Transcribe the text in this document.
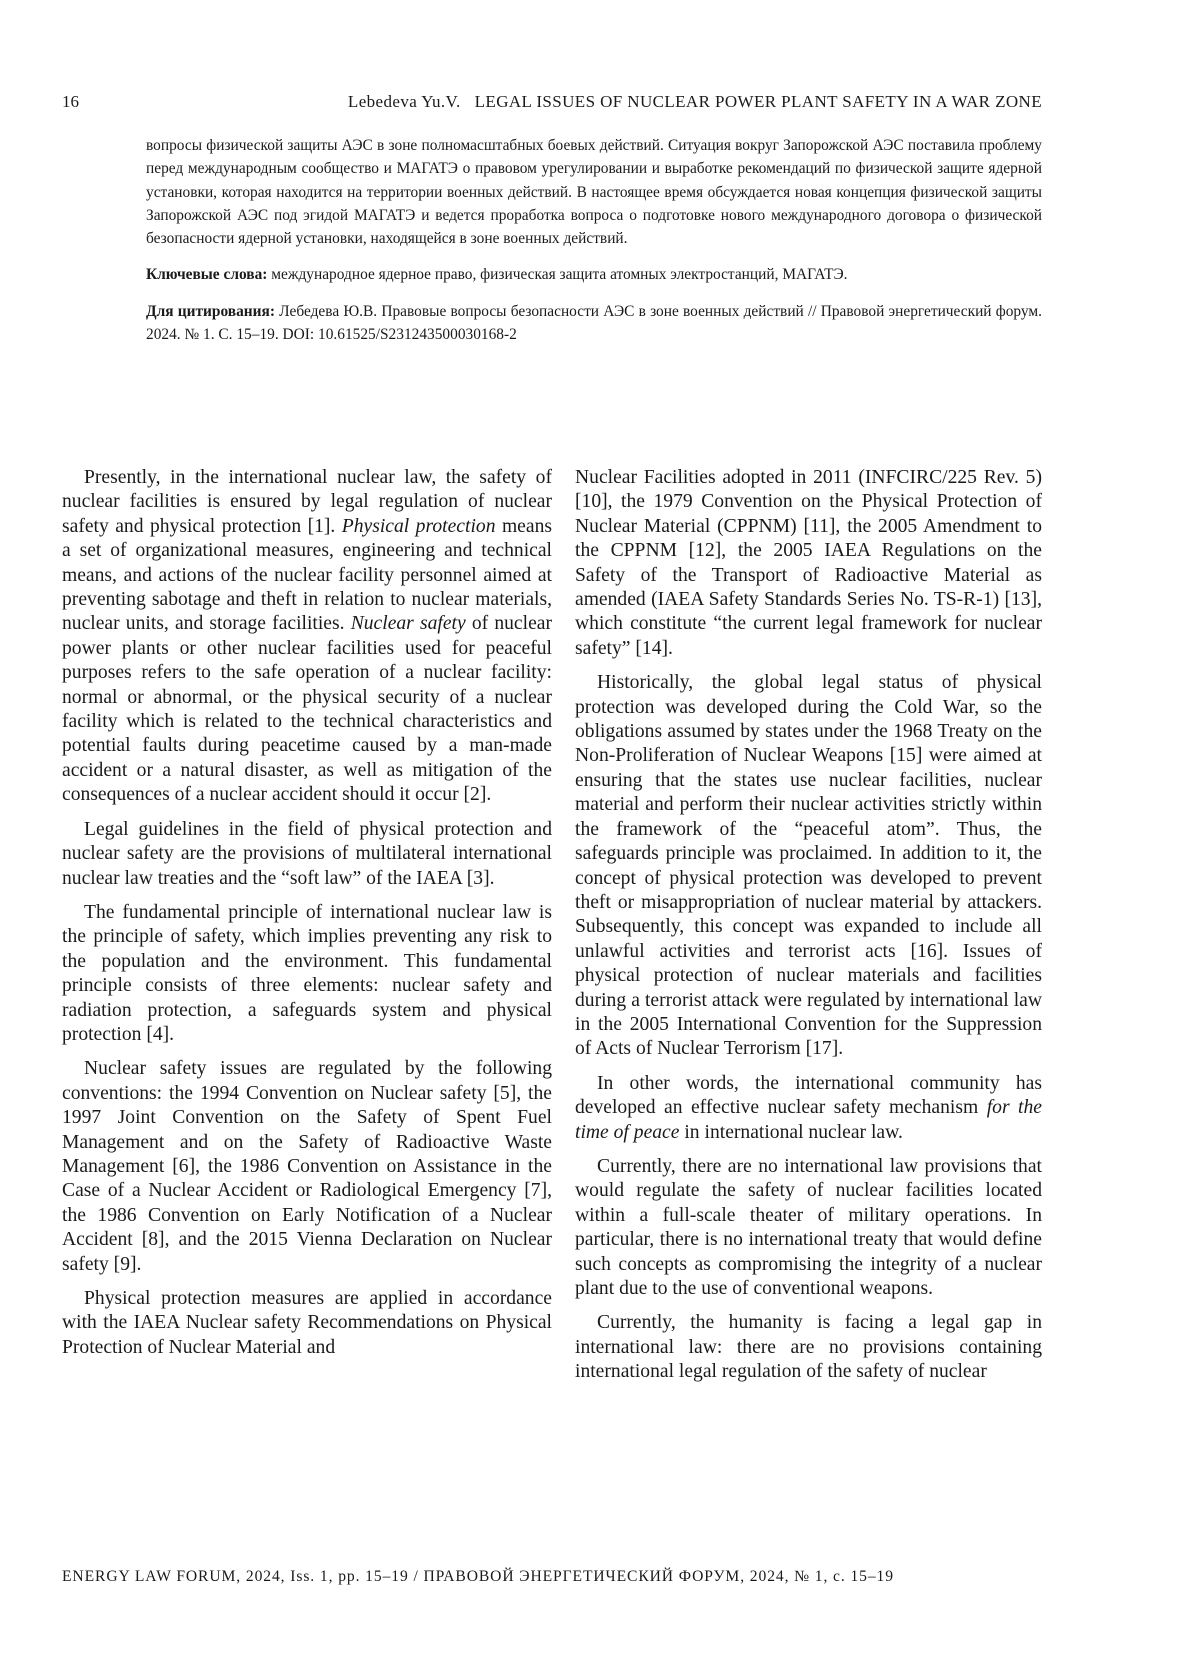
16	Lebedeva Yu.V.   LEGAL ISSUES OF NUCLEAR POWER PLANT SAFETY IN A WAR ZONE

вопросы физической защиты АЭС в зоне полномасштабных боевых действий. Ситуация вокруг Запорожской АЭС поставила проблему перед международным сообщество и МАГАТЭ о правовом урегулировании и выработке рекомендаций по физической защите ядерной установки, которая находится на территории военных действий. В настоящее время обсуждается новая концепция физической защиты Запорожской АЭС под эгидой МАГАТЭ и ведется проработка вопроса о подготовке нового международного договора о физической безопасности ядерной установки, находящейся в зоне военных действий.

Ключевые слова: международное ядерное право, физическая защита атомных электростанций, МАГАТЭ.

Для цитирования: Лебедева Ю.В. Правовые вопросы безопасности АЭС в зоне военных действий // Правовой энергетический форум. 2024. № 1. С. 15–19. DOI: 10.61525/S231243500030168-2

Presently, in the international nuclear law, the safety of nuclear facilities is ensured by legal regulation of nuclear safety and physical protection [1]. Physical protection means a set of organizational measures, engineering and technical means, and actions of the nuclear facility personnel aimed at preventing sabotage and theft in relation to nuclear materials, nuclear units, and storage facilities. Nuclear safety of nuclear power plants or other nuclear facilities used for peaceful purposes refers to the safe operation of a nuclear facility: normal or abnormal, or the physical security of a nuclear facility which is related to the technical characteristics and potential faults during peacetime caused by a man-made accident or a natural disaster, as well as mitigation of the consequences of a nuclear accident should it occur [2].

Legal guidelines in the field of physical protection and nuclear safety are the provisions of multilateral international nuclear law treaties and the “soft law” of the IAEA [3].

The fundamental principle of international nuclear law is the principle of safety, which implies preventing any risk to the population and the environment. This fundamental principle consists of three elements: nuclear safety and radiation protection, a safeguards system and physical protection [4].

Nuclear safety issues are regulated by the following conventions: the 1994 Convention on Nuclear safety [5], the 1997 Joint Convention on the Safety of Spent Fuel Management and on the Safety of Radioactive Waste Management [6], the 1986 Convention on Assistance in the Case of a Nuclear Accident or Radiological Emergency [7], the 1986 Convention on Early Notification of a Nuclear Accident [8], and the 2015 Vienna Declaration on Nuclear safety [9].

Physical protection measures are applied in accordance with the IAEA Nuclear safety Recommendations on Physical Protection of Nuclear Material and

Nuclear Facilities adopted in 2011 (INFCIRC/225 Rev. 5) [10], the 1979 Convention on the Physical Protection of Nuclear Material (CPPNM) [11], the 2005 Amendment to the CPPNM [12], the 2005 IAEA Regulations on the Safety of the Transport of Radioactive Material as amended (IAEA Safety Standards Series No. TS-R-1) [13], which constitute “the current legal framework for nuclear safety” [14].

Historically, the global legal status of physical protection was developed during the Cold War, so the obligations assumed by states under the 1968 Treaty on the Non-Proliferation of Nuclear Weapons [15] were aimed at ensuring that the states use nuclear facilities, nuclear material and perform their nuclear activities strictly within the framework of the “peaceful atom”. Thus, the safeguards principle was proclaimed. In addition to it, the concept of physical protection was developed to prevent theft or misappropriation of nuclear material by attackers. Subsequently, this concept was expanded to include all unlawful activities and terrorist acts [16]. Issues of physical protection of nuclear materials and facilities during a terrorist attack were regulated by international law in the 2005 International Convention for the Suppression of Acts of Nuclear Terrorism [17].

In other words, the international community has developed an effective nuclear safety mechanism for the time of peace in international nuclear law.

Currently, there are no international law provisions that would regulate the safety of nuclear facilities located within a full-scale theater of military operations. In particular, there is no international treaty that would define such concepts as compromising the integrity of a nuclear plant due to the use of conventional weapons.

Currently, the humanity is facing a legal gap in international law: there are no provisions containing international legal regulation of the safety of nuclear

ENERGY LAW FORUM, 2024, Iss. 1, pp. 15–19 / ПРАВОВОЙ ЭНЕРГЕТИЧЕСКИЙ ФОРУМ, 2024, № 1, с. 15–19
